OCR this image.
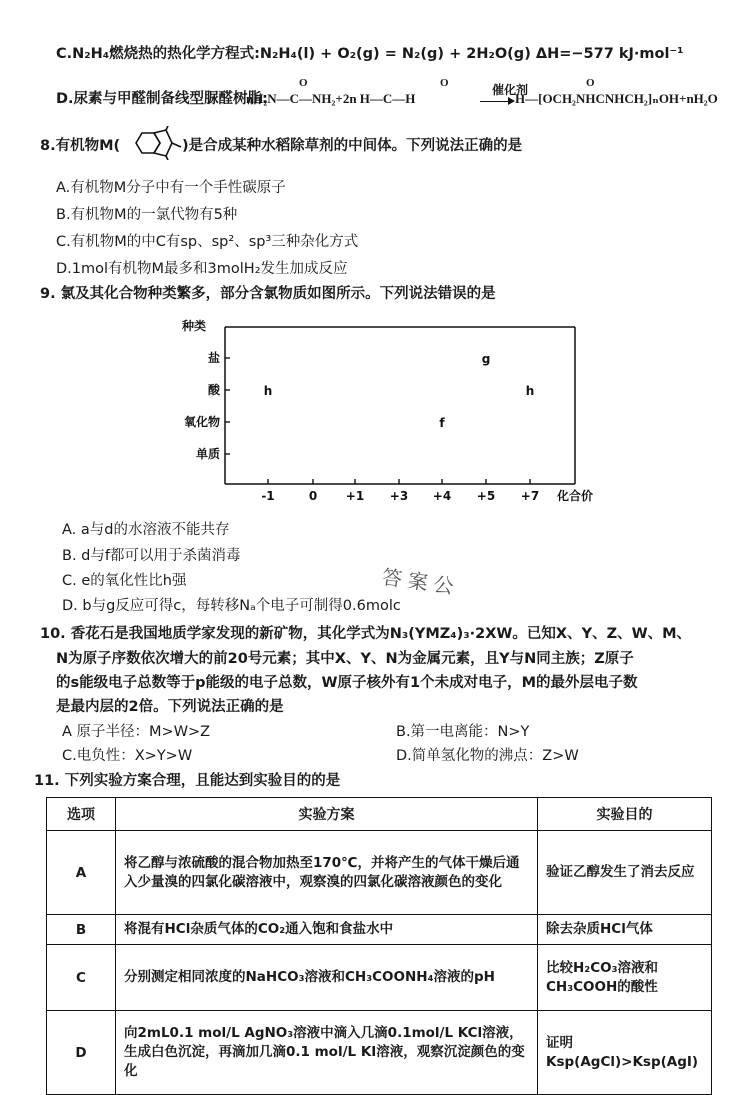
C.N₂H₄燃烧热的热化学方程式:N₂H₄(l) + O₂(g) = N₂(g) + 2H₂O(g) ΔH=−577 kJ·mol⁻¹
D.尿素与甲醛制备线型脲醛树脂:
O	O
nH₂N—C—NH₂+2n H—C—H
催化剂	O
H—[OCH₂NHCNHCH₂]ₙOH+nH₂O
8.有机物M(	)是合成某种水稻除草剂的中间体。下列说法正确的是
A.有机物M分子中有一个手性碳原子
B.有机物M的一氯代物有5种
C.有机物M的中C有sp、sp²、sp³三种杂化方式
D.1mol有机物M最多和3molH₂发生加成反应
9. 氯及其化合物种类繁多，部分含氯物质如图所示。下列说法错误的是
单质
氧化物
酸
盐
-1	0 +1 +3 +4 +5 +7
h
g
h
f
种类
化合价
A. a与d的水溶液不能共存
B. d与f都可以用于杀菌消毒
C. e的氧化性比h强
D. b与g反应可得c，每转移Nₐ个电子可制得0.6molc
答案公
10. 香花石是我国地质学家发现的新矿物，其化学式为N₃(YMZ₄)₃·2XW。已知X、Y、Z、W、M、
N为原子序数依次增大的前20号元素；其中X、Y、N为金属元素，且Y与N同主族；Z原子
的s能级电子总数等于p能级的电子总数，W原子核外有1个未成对电子，M的最外层电子数
是最内层的2倍。下列说法正确的是
A 原子半径：M>W>Z	B.第一电离能：N>Y
C.电负性：X>Y>W	D.简单氢化物的沸点：Z>W
11. 下列实验方案合理，且能达到实验目的的是
选项	实验方案	实验目的
A	将乙醇与浓硫酸的混合物加热至170℃，并将产生的气体干燥后通入少量溴的四氯化碳溶液中，观察溴的四氯化碳溶液颜色的变化	验证乙醇发生了消去反应
B	将混有HCl杂质气体的CO₂通入饱和食盐水中	除去杂质HCl气体
C	分别测定相同浓度的NaHCO₃溶液和CH₃COONH₄溶液的pH	比较H₂CO₃溶液和CH₃COOH的酸性
D	向2mL0.1 mol/L AgNO₃溶液中滴入几滴0.1mol/L KCl溶液，生成白色沉淀，再滴加几滴0.1 mol/L KI溶液，观察沉淀颜色的变化	证明 Ksp(AgCl)>Ksp(AgI)
